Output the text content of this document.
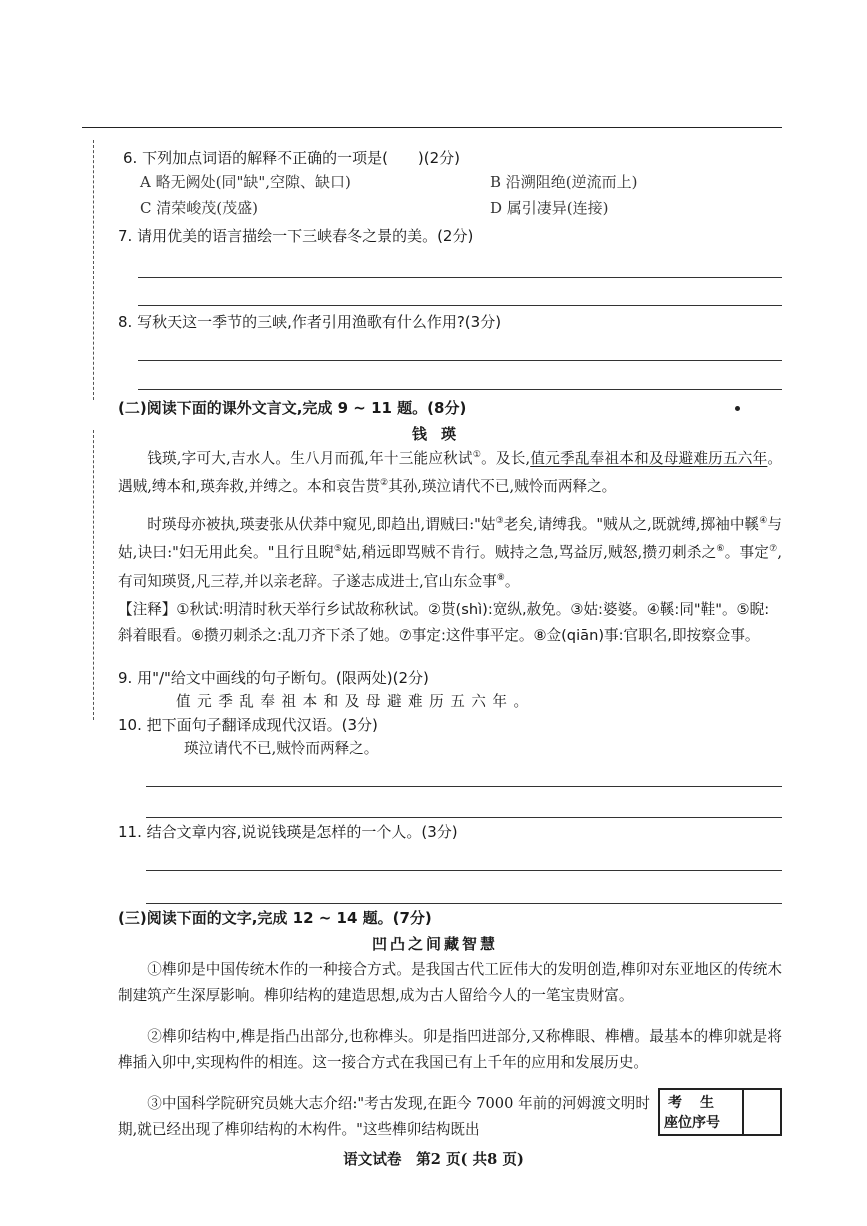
6. 下列加点词语的解释不正确的一项是(　　)(2分)
A 略无阙处(同"缺",空隙、缺口)	B 沿溯阻绝(逆流而上)
C 清荣峻茂(茂盛)	D 属引凄异(连接)
7. 请用优美的语言描绘一下三峡春冬之景的美。(2分)
8. 写秋天这一季节的三峡,作者引用渔歌有什么作用?(3分)
(二)阅读下面的课外文言文,完成 9 ~ 11 题。(8分)
钱瑛
钱瑛,字可大,吉水人。生八月而孤,年十三能应秋试①。及长,值元季乱奉祖本和及母避难历五六年。遇贼,缚本和,瑛奔救,并缚之。本和哀告贳②其孙,瑛泣请代不已,贼怜而两释之。
时瑛母亦被执,瑛妻张从伏莽中窥见,即趋出,谓贼曰:"姑③老矣,请缚我。"贼从之,既就缚,掷袖中鞵④与姑,诀曰:"妇无用此矣。"且行且睨⑤姑,稍远即骂贼不肯行。贼持之急,骂益厉,贼怒,攒刃刺杀之⑥。事定⑦,有司知瑛贤,凡三荐,并以亲老辞。子遂志成进士,官山东佥事⑧。
【注释】①秋试:明清时秋天举行乡试故称秋试。②贳(shì):宽纵,赦免。③姑:婆婆。④鞵:同"鞋"。⑤睨:斜着眼看。⑥攒刃刺杀之:乱刀齐下杀了她。⑦事定:这件事平定。⑧佥(qiān)事:官职名,即按察佥事。
9. 用"/"给文中画线的句子断句。(限两处)(2分)
值元季乱奉祖本和及母避难历五六年。
10. 把下面句子翻译成现代汉语。(3分)
瑛泣请代不已,贼怜而两释之。
11. 结合文章内容,说说钱瑛是怎样的一个人。(3分)
(三)阅读下面的文字,完成 12 ~ 14 题。(7分)
凹凸之间藏智慧
①榫卯是中国传统木作的一种接合方式。是我国古代工匠伟大的发明创造,榫卯对东亚地区的传统木制建筑产生深厚影响。榫卯结构的建造思想,成为古人留给今人的一笔宝贵财富。
②榫卯结构中,榫是指凸出部分,也称榫头。卯是指凹进部分,又称榫眼、榫槽。最基本的榫卯就是将榫插入卯中,实现构件的相连。这一接合方式在我国已有上千年的应用和发展历史。
③中国科学院研究员姚大志介绍:"考古发现,在距今 7000 年前的河姆渡文明时期,就已经出现了榫卯结构的木构件。"这些榫卯结构既出
考生
座位序号
语文试卷　第2 页( 共8 页)
